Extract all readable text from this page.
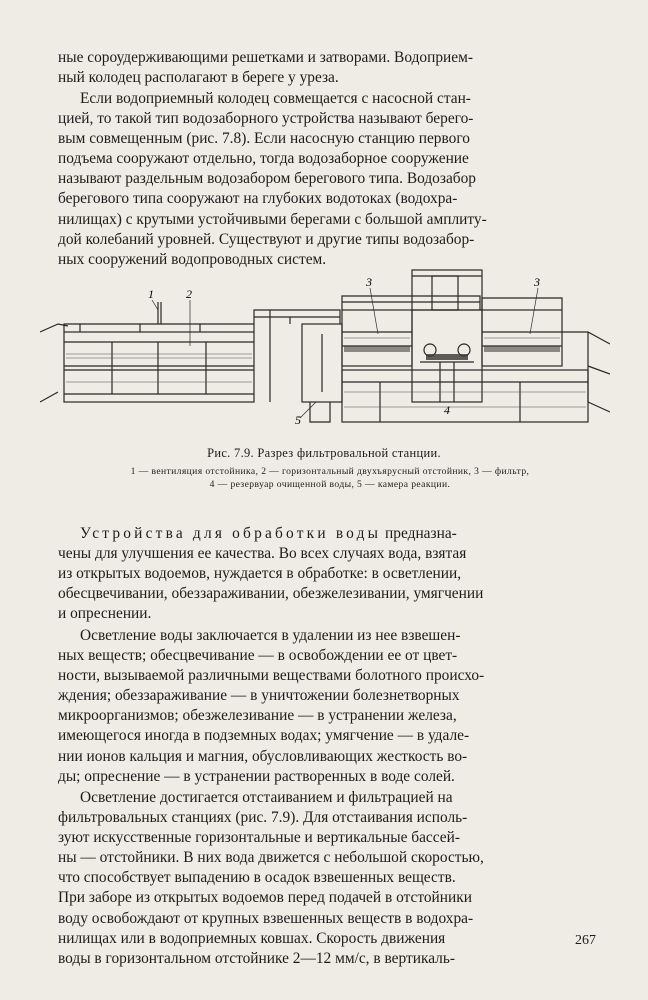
ные сороудерживающими решетками и затворами. Водоприем-
ный колодец располагают в береге у уреза.

Если водоприемный колодец совмещается с насосной стан-
цией, то такой тип водозаборного устройства называют берего-
вым совмещенным (рис. 7.8). Если насосную станцию первого
подъема сооружают отдельно, тогда водозаборное сооружение
называют раздельным водозабором берегового типа. Водозабор
берегового типа сооружают на глубоких водотоках (водохра-
нилищах) с крутыми устойчивыми берегами с большой амплиту-
дой колебаний уровней. Существуют и другие типы водозабор-
ных сооружений водопроводных систем.

1	2
3	3
4
5
Рис. 7.9. Разрез фильтровальной станции.
1 — вентиляция отстойника, 2 — горизонтальный двухъярусный отстойник, 3 — фильтр,
4 — резервуар очищенной воды, 5 — камера реакции.

Устройства для обработки воды предназна-
чены для улучшения ее качества. Во всех случаях вода, взятая
из открытых водоемов, нуждается в обработке: в осветлении,
обесцвечивании, обеззараживании, обезжелезивании, умягчении
и опреснении.

Осветление воды заключается в удалении из нее взвешен-
ных веществ; обесцвечивание — в освобождении ее от цвет-
ности, вызываемой различными веществами болотного происхо-
ждения; обеззараживание — в уничтожении болезнетворных
микроорганизмов; обезжелезивание — в устранении железа,
имеющегося иногда в подземных водах; умягчение — в удале-
нии ионов кальция и магния, обусловливающих жесткость во-
ды; опреснение — в устранении растворенных в воде солей.

Осветление достигается отстаиванием и фильтрацией на
фильтровальных станциях (рис. 7.9). Для отстаивания исполь-
зуют искусственные горизонтальные и вертикальные бассей-
ны — отстойники. В них вода движется с небольшой скоростью,
что способствует выпадению в осадок взвешенных веществ.
При заборе из открытых водоемов перед подачей в отстойники
воду освобождают от крупных взвешенных веществ в водохра-
нилищах или в водоприемных ковшах. Скорость движения
воды в горизонтальном отстойнике 2—12 мм/с, в вертикаль-

267
